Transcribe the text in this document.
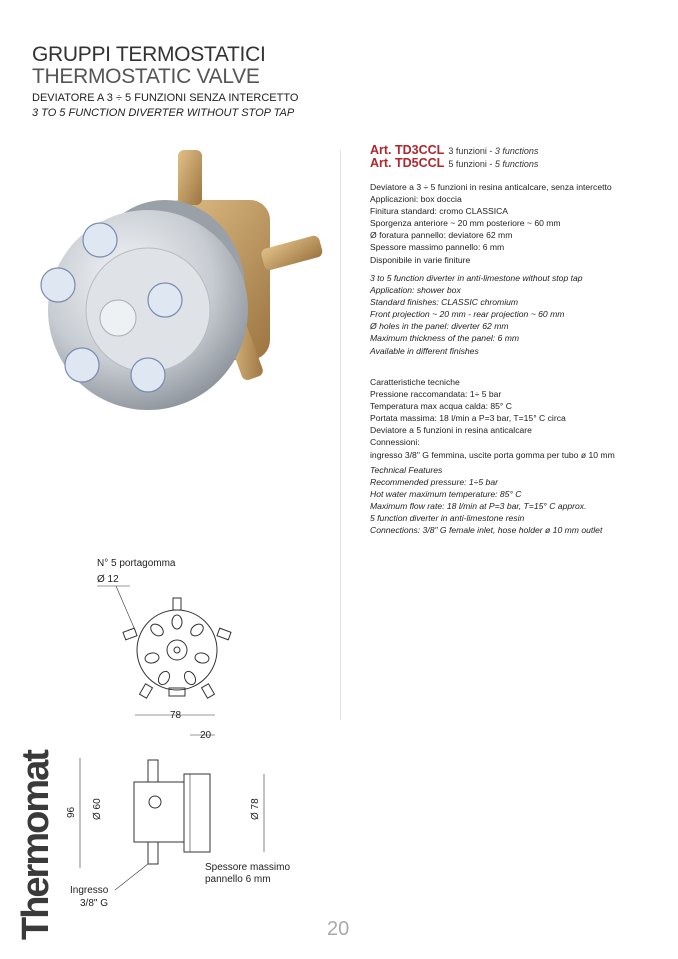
GRUPPI TERMOSTATICI
THERMOSTATIC VALVE
DEVIATORE A 3 ÷ 5 FUNZIONI SENZA INTERCETTO
3 TO 5 FUNCTION DIVERTER WITHOUT STOP TAP
Art. TD3CCL 3 funzioni - 3 functions
Art. TD5CCL 5 funzioni - 5 functions
Deviatore a 3 ÷ 5 funzioni in resina anticalcare, senza intercetto
Applicazioni: box doccia
Finitura standard: cromo CLASSICA
Sporgenza anteriore ~ 20 mm posteriore ~ 60 mm
Ø foratura pannello: deviatore 62 mm
Spessore massimo pannello: 6 mm
Disponibile in varie finiture
3 to 5 function diverter in anti-limestone without stop tap
Application: shower box
Standard finishes: CLASSIC chromium
Front projection ~ 20 mm - rear projection ~ 60 mm
Ø holes in the panel: diverter 62 mm
Maximum thickness of the panel: 6 mm
Available in different finishes
Caratteristiche tecniche
Pressione raccomandata: 1÷ 5 bar
Temperatura max acqua calda: 85° C
Portata massima: 18 l/min a P=3 bar, T=15° C circa
Deviatore a 5 funzioni in resina anticalcare
Connessioni:
ingresso 3/8" G femmina, uscite porta gomma per tubo ø 10 mm
Technical Features
Recommended pressure: 1÷5 bar
Hot water maximum temperature: 85° C
Maximum flow rate: 18 l/min at P=3 bar, T=15° C approx.
5 function diverter in anti-limestone resin
Connections: 3/8" G female inlet, hose holder ø 10 mm outlet
N° 5 portagomma
Ø 12
78
20
96 Ø 60	Ø 78
Spessore massimo
pannello 6 mm
Ingresso
3/8" G
Thermomat	20
